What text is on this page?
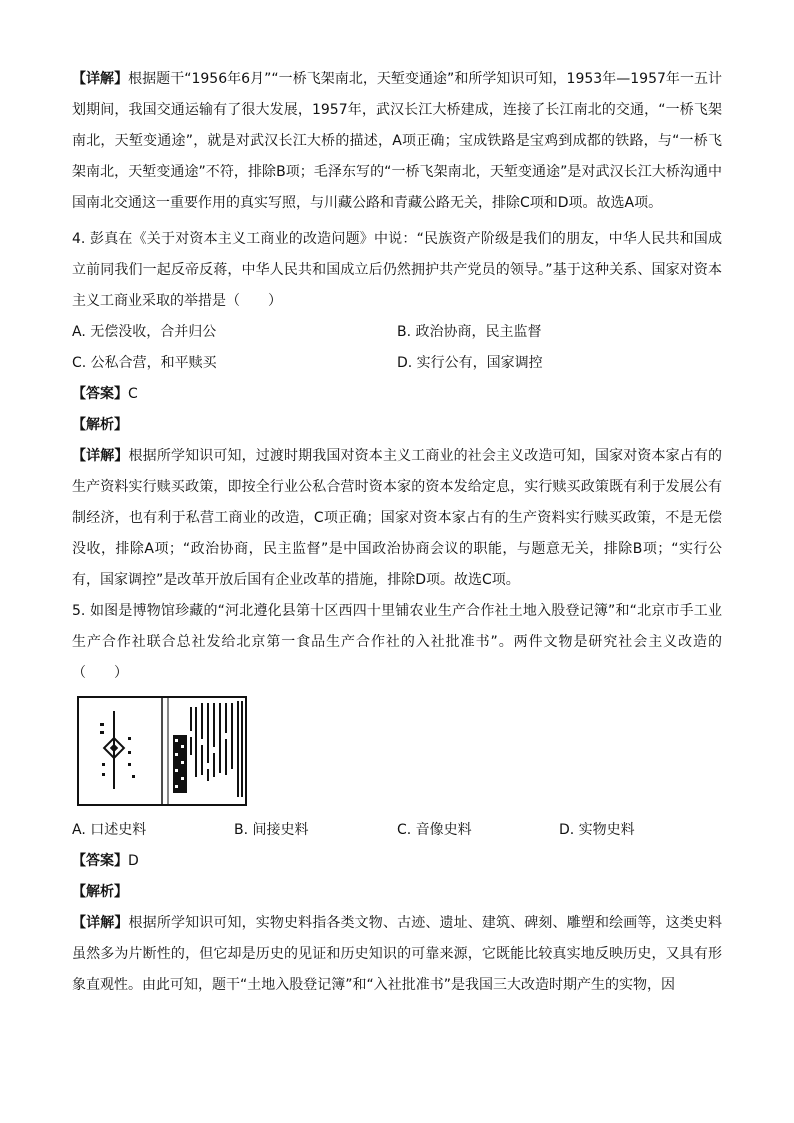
【详解】根据题干“1956年6月”“一桥飞架南北，天堑变通途”和所学知识可知，1953年—1957年一五计划期间，我国交通运输有了很大发展，1957年，武汉长江大桥建成，连接了长江南北的交通，“一桥飞架南北，天堑变通途”，就是对武汉长江大桥的描述，A项正确；宝成铁路是宝鸡到成都的铁路，与“一桥飞架南北，天堑变通途”不符，排除B项；毛泽东写的“一桥飞架南北，天堑变通途”是对武汉长江大桥沟通中国南北交通这一重要作用的真实写照，与川藏公路和青藏公路无关，排除C项和D项。故选A项。

4. 彭真在《关于对资本主义工商业的改造问题》中说：“民族资产阶级是我们的朋友，中华人民共和国成立前同我们一起反帝反蒋，中华人民共和国成立后仍然拥护共产党员的领导。”基于这种关系、国家对资本主义工商业采取的举措是（　　）

A. 无偿没收，合并归公	B. 政治协商，民主监督
C. 公私合营，和平赎买	D. 实行公有，国家调控

【答案】C

【解析】

【详解】根据所学知识可知，过渡时期我国对资本主义工商业的社会主义改造可知，国家对资本家占有的生产资料实行赎买政策，即按全行业公私合营时资本家的资本发给定息，实行赎买政策既有利于发展公有制经济，也有利于私营工商业的改造，C项正确；国家对资本家占有的生产资料实行赎买政策，不是无偿没收，排除A项；“政治协商，民主监督”是中国政治协商会议的职能，与题意无关，排除B项；“实行公有，国家调控”是改革开放后国有企业改革的措施，排除D项。故选C项。

5. 如图是博物馆珍藏的“河北遵化县第十区西四十里铺农业生产合作社土地入股登记簿”和“北京市手工业生产合作社联合总社发给北京第一食品生产合作社的入社批准书”。两件文物是研究社会主义改造的（　　）

A. 口述史料	B. 间接史料	C. 音像史料	D. 实物史料

【答案】D

【解析】

【详解】根据所学知识可知，实物史料指各类文物、古迹、遗址、建筑、碑刻、雕塑和绘画等，这类史料虽然多为片断性的，但它却是历史的见证和历史知识的可靠来源，它既能比较真实地反映历史，又具有形象直观性。由此可知，题干“土地入股登记簿”和“入社批准书”是我国三大改造时期产生的实物，因
